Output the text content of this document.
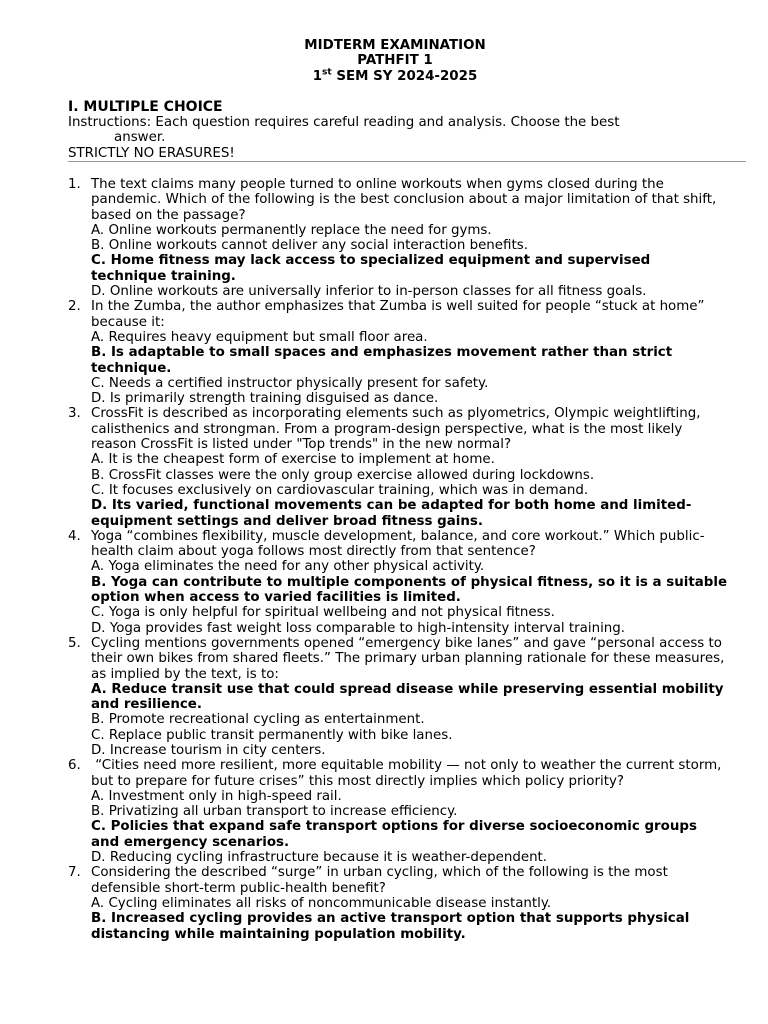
MIDTERM EXAMINATION
PATHFIT 1
1st SEM SY 2024-2025
I. MULTIPLE CHOICE
Instructions: Each question requires careful reading and analysis. Choose the best
answer.
STRICTLY NO ERASURES!
1. The text claims many people turned to online workouts when gyms closed during the pandemic. Which of the following is the best conclusion about a major limitation of that shift, based on the passage?
A. Online workouts permanently replace the need for gyms.
B. Online workouts cannot deliver any social interaction benefits.
C. Home fitness may lack access to specialized equipment and supervised technique training.
D. Online workouts are universally inferior to in-person classes for all fitness goals.
2. In the Zumba, the author emphasizes that Zumba is well suited for people “stuck at home” because it:
A. Requires heavy equipment but small floor area.
B. Is adaptable to small spaces and emphasizes movement rather than strict technique.
C. Needs a certified instructor physically present for safety.
D. Is primarily strength training disguised as dance.
3. CrossFit is described as incorporating elements such as plyometrics, Olympic weightlifting, calisthenics and strongman. From a program-design perspective, what is the most likely reason CrossFit is listed under "Top trends" in the new normal?
A. It is the cheapest form of exercise to implement at home.
B. CrossFit classes were the only group exercise allowed during lockdowns.
C. It focuses exclusively on cardiovascular training, which was in demand.
D. Its varied, functional movements can be adapted for both home and limited-equipment settings and deliver broad fitness gains.
4. Yoga “combines flexibility, muscle development, balance, and core workout.” Which public-health claim about yoga follows most directly from that sentence?
A. Yoga eliminates the need for any other physical activity.
B. Yoga can contribute to multiple components of physical fitness, so it is a suitable option when access to varied facilities is limited.
C. Yoga is only helpful for spiritual wellbeing and not physical fitness.
D. Yoga provides fast weight loss comparable to high-intensity interval training.
5. Cycling mentions governments opened “emergency bike lanes” and gave “personal access to their own bikes from shared fleets.” The primary urban planning rationale for these measures, as implied by the text, is to:
A. Reduce transit use that could spread disease while preserving essential mobility and resilience.
B. Promote recreational cycling as entertainment.
C. Replace public transit permanently with bike lanes.
D. Increase tourism in city centers.
6. “Cities need more resilient, more equitable mobility — not only to weather the current storm, but to prepare for future crises” this most directly implies which policy priority?
A. Investment only in high-speed rail.
B. Privatizing all urban transport to increase efficiency.
C. Policies that expand safe transport options for diverse socioeconomic groups and emergency scenarios.
D. Reducing cycling infrastructure because it is weather-dependent.
7. Considering the described “surge” in urban cycling, which of the following is the most defensible short-term public-health benefit?
A. Cycling eliminates all risks of noncommunicable disease instantly.
B. Increased cycling provides an active transport option that supports physical distancing while maintaining population mobility.
